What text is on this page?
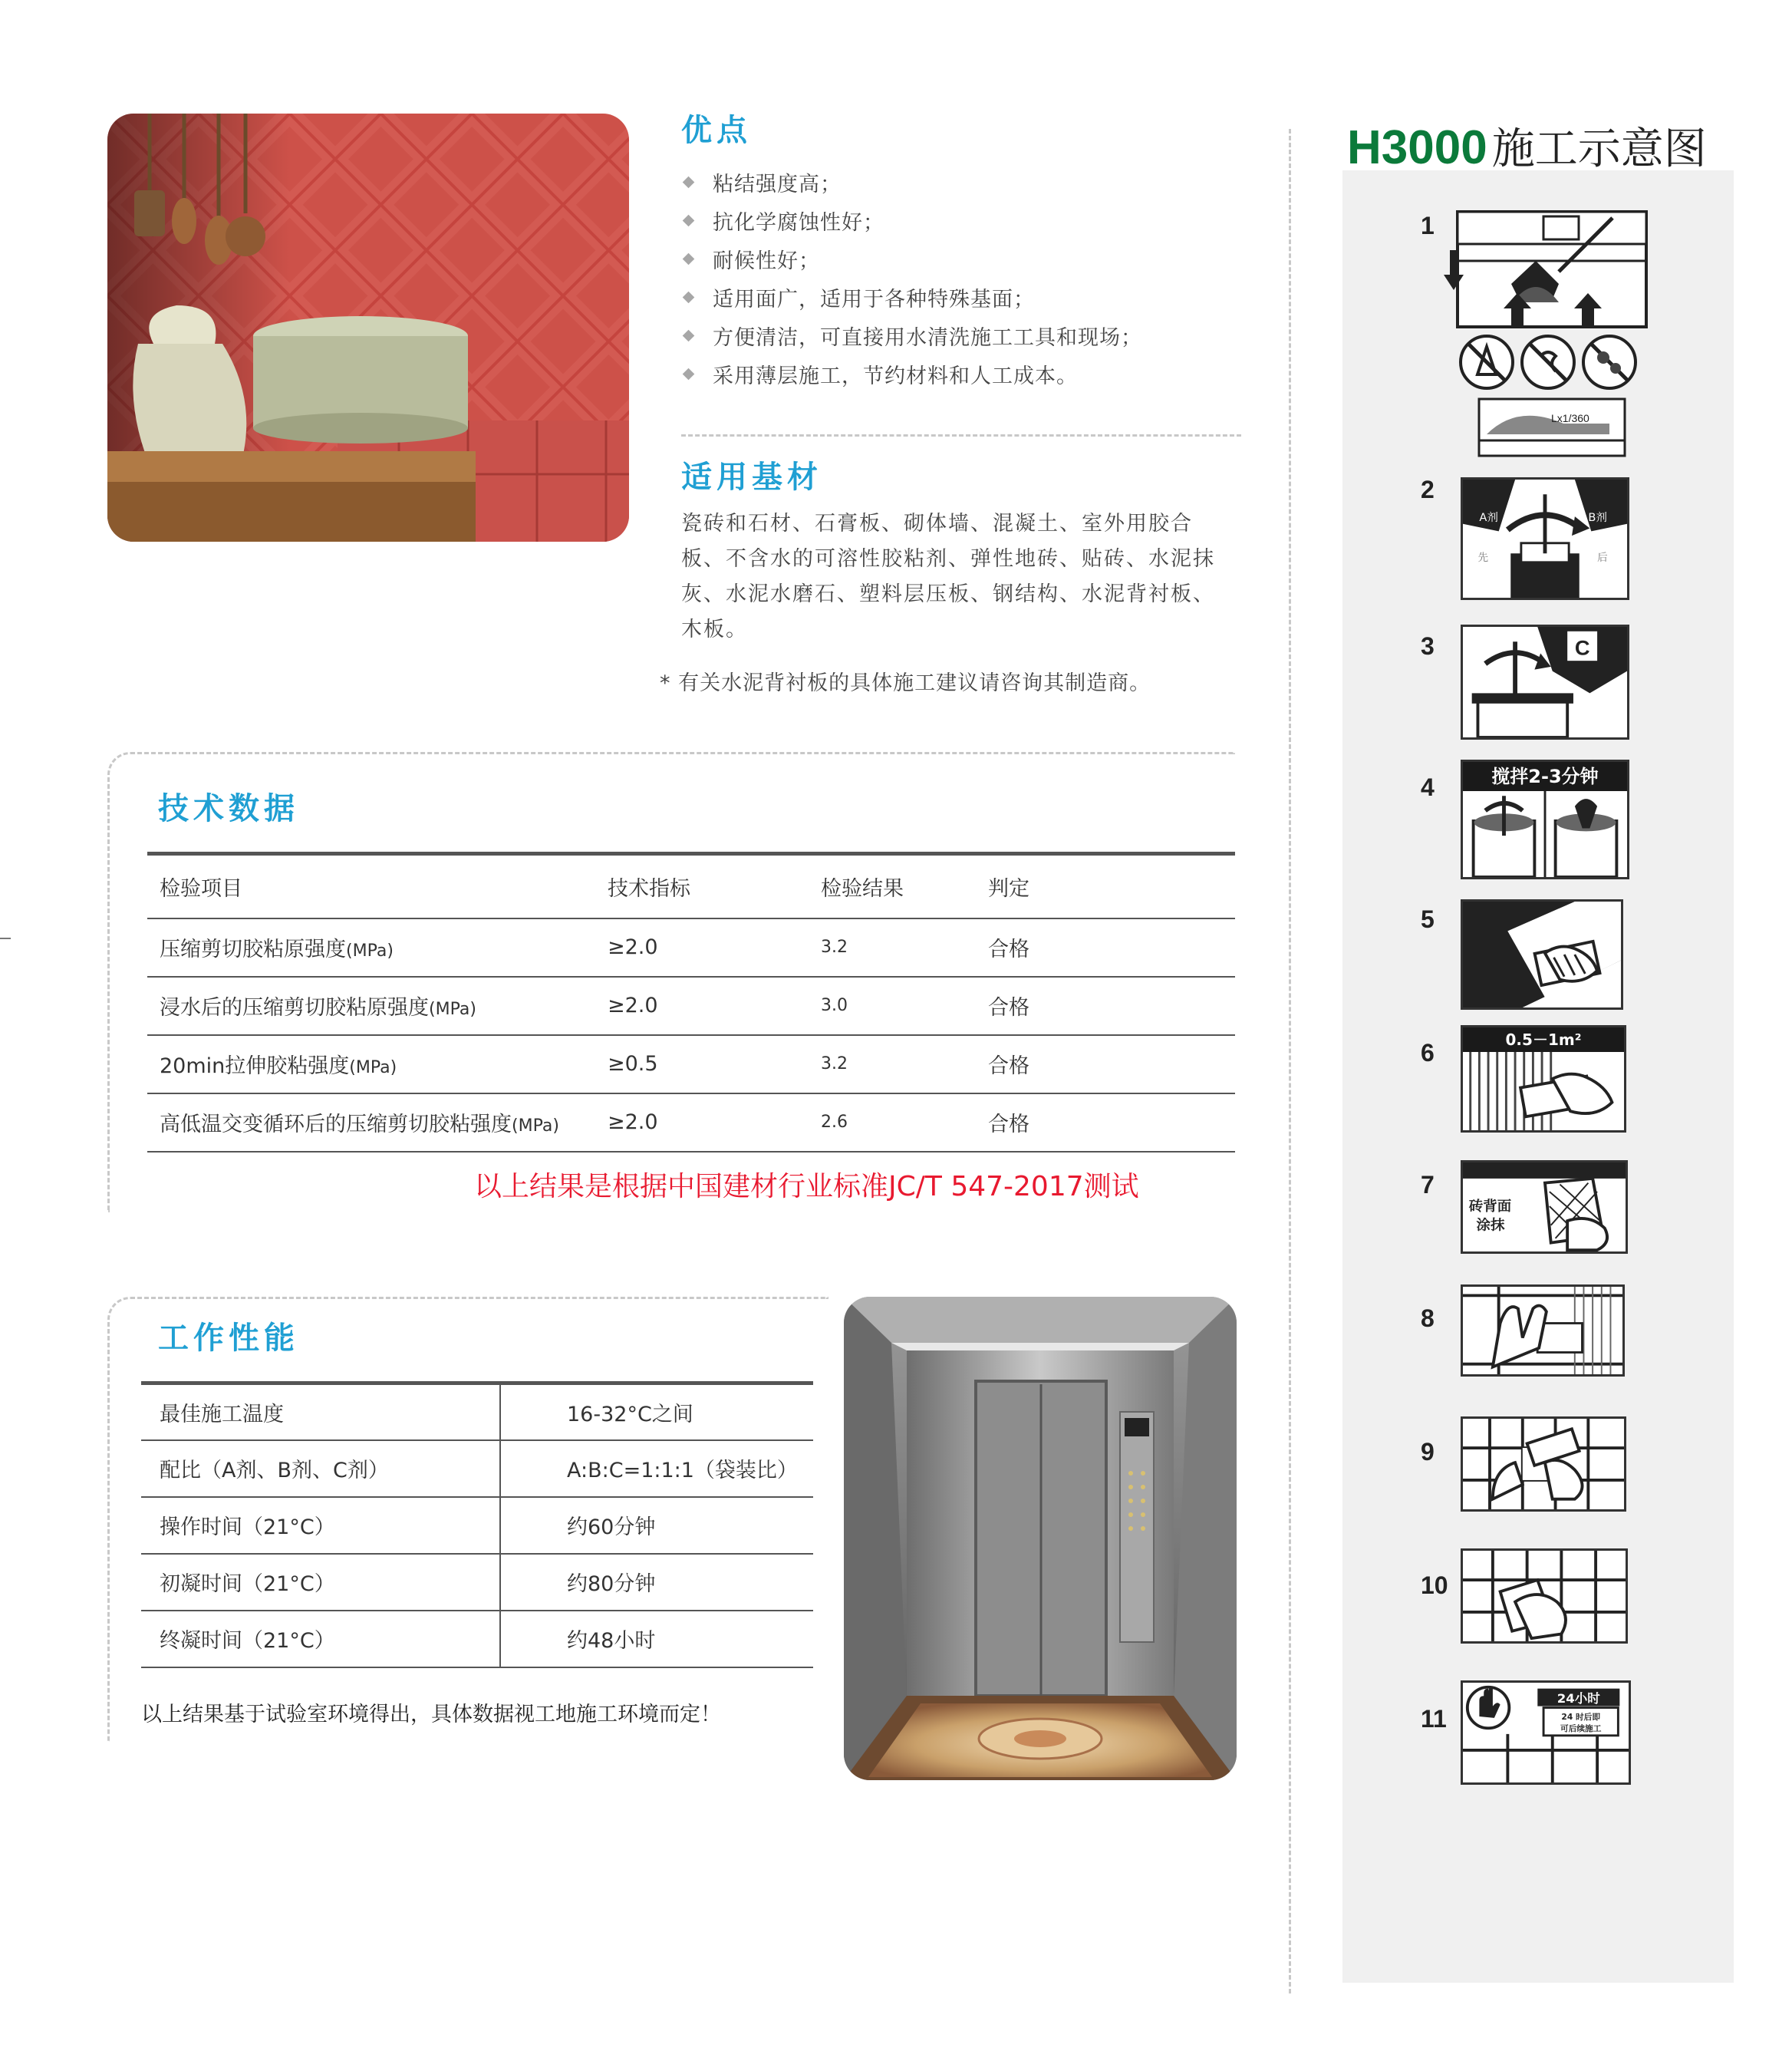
优点
粘结强度高；
抗化学腐蚀性好；
耐候性好；
适用面广，适用于各种特殊基面；
方便清洁，可直接用水清洗施工工具和现场；
采用薄层施工，节约材料和人工成本。
适用基材
瓷砖和石材、石膏板、砌体墙、混凝土、室外用胶合板、不含水的可溶性胶粘剂、弹性地砖、贴砖、水泥抹灰、水泥水磨石、塑料层压板、钢结构、水泥背衬板、木板。
* 有关水泥背衬板的具体施工建议请咨询其制造商。
技术数据
检验项目	技术指标	检验结果	判定
压缩剪切胶粘原强度(MPa)	≥2.0	3.2	合格
浸水后的压缩剪切胶粘原强度(MPa)	≥2.0	3.0	合格
20min拉伸胶粘强度(MPa)	≥0.5	3.2	合格
高低温交变循环后的压缩剪切胶粘强度(MPa)	≥2.0	2.6	合格
以上结果是根据中国建材行业标准JC/T 547-2017测试
工作性能
最佳施工温度	16-32°C之间
配比（A剂、B剂、C剂）	A:B:C=1:1:1（袋装比）
操作时间（21°C）	约60分钟
初凝时间（21°C）	约80分钟
终凝时间（21°C）	约48小时
以上结果基于试验室环境得出，具体数据视工地施工环境而定！
H3000 施工示意图
1
2
3
4
5
6
7
8
9
10
11
Lx1/360
A剂	B剂
先	后
C
搅拌2-3分钟
0.5－1m²
砖背面
涂抹
24小时
24 时后即
可后续施工
